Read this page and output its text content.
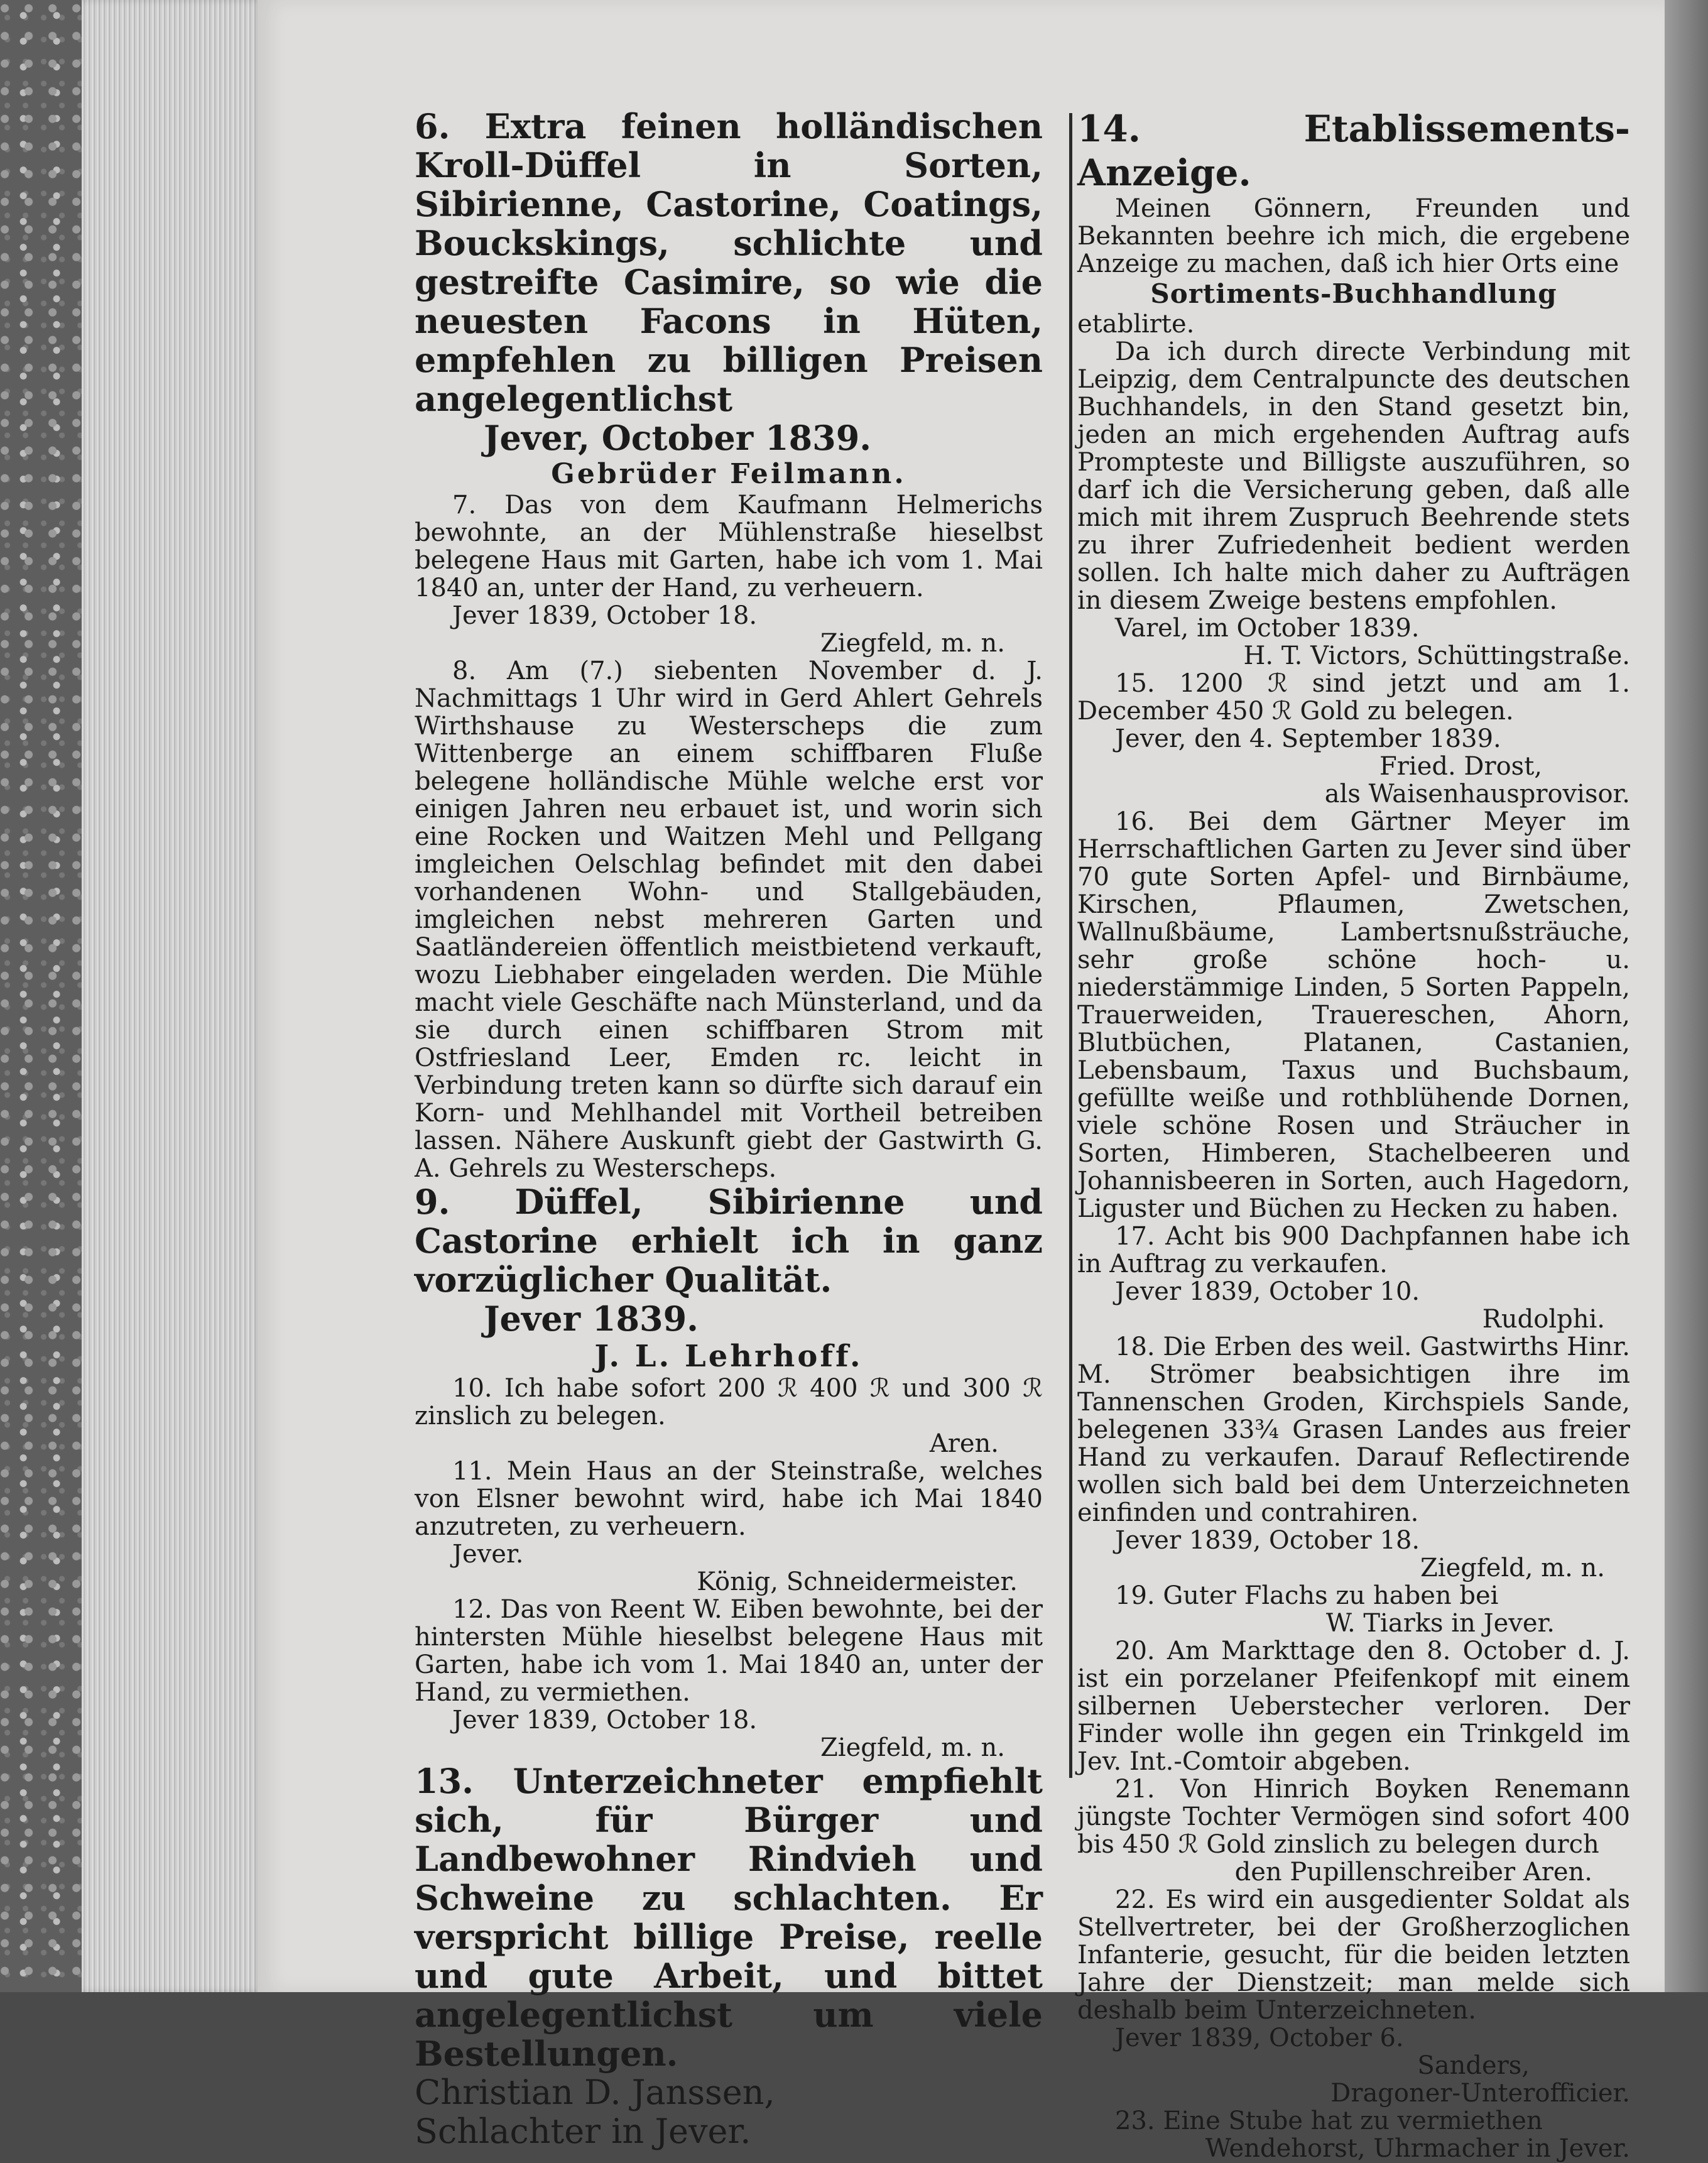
6. Extra feinen holländischen Kroll-Düffel in Sorten, Sibirienne, Castorine, Coatings, Bouckskings, schlichte und gestreifte Casimire, so wie die neuesten Facons in Hüten, empfehlen zu billigen Preisen angelegentlichst

Jever, October 1839.

Gebrüder Feilmann.

7. Das von dem Kaufmann Helmerichs bewohnte, an der Mühlenstraße hieselbst belegene Haus mit Garten, habe ich vom 1. Mai 1840 an, unter der Hand, zu verheuern.

Jever 1839, October 18.

Ziegfeld, m. n.

8. Am (7.) siebenten November d. J. Nachmittags 1 Uhr wird in Gerd Ahlert Gehrels Wirthshause zu Westerscheps die zum Wittenberge an einem schiffbaren Fluße belegene holländische Mühle welche erst vor einigen Jahren neu erbauet ist, und worin sich eine Rocken und Waitzen Mehl und Pellgang imgleichen Oelschlag befindet mit den dabei vorhandenen Wohn- und Stallgebäuden, imgleichen nebst mehreren Garten und Saatländereien öffentlich meistbietend verkauft, wozu Liebhaber eingeladen werden. Die Mühle macht viele Geschäfte nach Münsterland, und da sie durch einen schiffbaren Strom mit Ostfriesland Leer, Emden rc. leicht in Verbindung treten kann so dürfte sich darauf ein Korn- und Mehlhandel mit Vortheil betreiben lassen. Nähere Auskunft giebt der Gastwirth G. A. Gehrels zu Westerscheps.

9. Düffel, Sibirienne und Castorine erhielt ich in ganz vorzüglicher Qualität.

Jever 1839.

J. L. Lehrhoff.

10. Ich habe sofort 200 ℛ 400 ℛ und 300 ℛ zinslich zu belegen.

Aren.

11. Mein Haus an der Steinstraße, welches von Elsner bewohnt wird, habe ich Mai 1840 anzutreten, zu verheuern.

Jever.

König, Schneidermeister.

12. Das von Reent W. Eiben bewohnte, bei der hintersten Mühle hieselbst belegene Haus mit Garten, habe ich vom 1. Mai 1840 an, unter der Hand, zu vermiethen.

Jever 1839, October 18.

Ziegfeld, m. n.

13. Unterzeichneter empfiehlt sich, für Bürger und Landbewohner Rindvieh und Schweine zu schlachten. Er verspricht billige Preise, reelle und gute Arbeit, und bittet angelegentlichst um viele Bestellungen.

Christian D. Janssen,

Schlachter in Jever.

14. Etablissements-Anzeige.

Meinen Gönnern, Freunden und Bekannten beehre ich mich, die ergebene Anzeige zu machen, daß ich hier Orts eine

Sortiments-Buchhandlung

etablirte.

Da ich durch directe Verbindung mit Leipzig, dem Centralpuncte des deutschen Buchhandels, in den Stand gesetzt bin, jeden an mich ergehenden Auftrag aufs Prompteste und Billigste auszuführen, so darf ich die Versicherung geben, daß alle mich mit ihrem Zuspruch Beehrende stets zu ihrer Zufriedenheit bedient werden sollen. Ich halte mich daher zu Aufträgen in diesem Zweige bestens empfohlen.

Varel, im October 1839.

H. T. Victors, Schüttingstraße.

15. 1200 ℛ sind jetzt und am 1. December 450 ℛ Gold zu belegen.

Jever, den 4. September 1839.

Fried. Drost,

als Waisenhausprovisor.

16. Bei dem Gärtner Meyer im Herrschaftlichen Garten zu Jever sind über 70 gute Sorten Apfel- und Birnbäume, Kirschen, Pflaumen, Zwetschen, Wallnußbäume, Lambertsnußsträuche, sehr große schöne hoch- u. niederstämmige Linden, 5 Sorten Pappeln, Trauerweiden, Trauereschen, Ahorn, Blutbüchen, Platanen, Castanien, Lebensbaum, Taxus und Buchsbaum, gefüllte weiße und rothblühende Dornen, viele schöne Rosen und Sträucher in Sorten, Himberen, Stachelbeeren und Johannisbeeren in Sorten, auch Hagedorn, Liguster und Büchen zu Hecken zu haben.

17. Acht bis 900 Dachpfannen habe ich in Auftrag zu verkaufen.

Jever 1839, October 10.

Rudolphi.

18. Die Erben des weil. Gastwirths Hinr. M. Strömer beabsichtigen ihre im Tannenschen Groden, Kirchspiels Sande, belegenen 33¾ Grasen Landes aus freier Hand zu verkaufen. Darauf Reflectirende wollen sich bald bei dem Unterzeichneten einfinden und contrahiren.

Jever 1839, October 18.

Ziegfeld, m. n.

19. Guter Flachs zu haben bei

W. Tiarks in Jever.

20. Am Markttage den 8. October d. J. ist ein porzelaner Pfeifenkopf mit einem silbernen Ueberstecher verloren. Der Finder wolle ihn gegen ein Trinkgeld im Jev. Int.-Comtoir abgeben.

21. Von Hinrich Boyken Renemann jüngste Tochter Vermögen sind sofort 400 bis 450 ℛ Gold zinslich zu belegen durch

den Pupillenschreiber Aren.

22. Es wird ein ausgedienter Soldat als Stellvertreter, bei der Großherzoglichen Infanterie, gesucht, für die beiden letzten Jahre der Dienstzeit; man melde sich deshalb beim Unterzeichneten.

Jever 1839, October 6.

Sanders,

Dragoner-Unterofficier.

23. Eine Stube hat zu vermiethen

Wendehorst, Uhrmacher in Jever.
